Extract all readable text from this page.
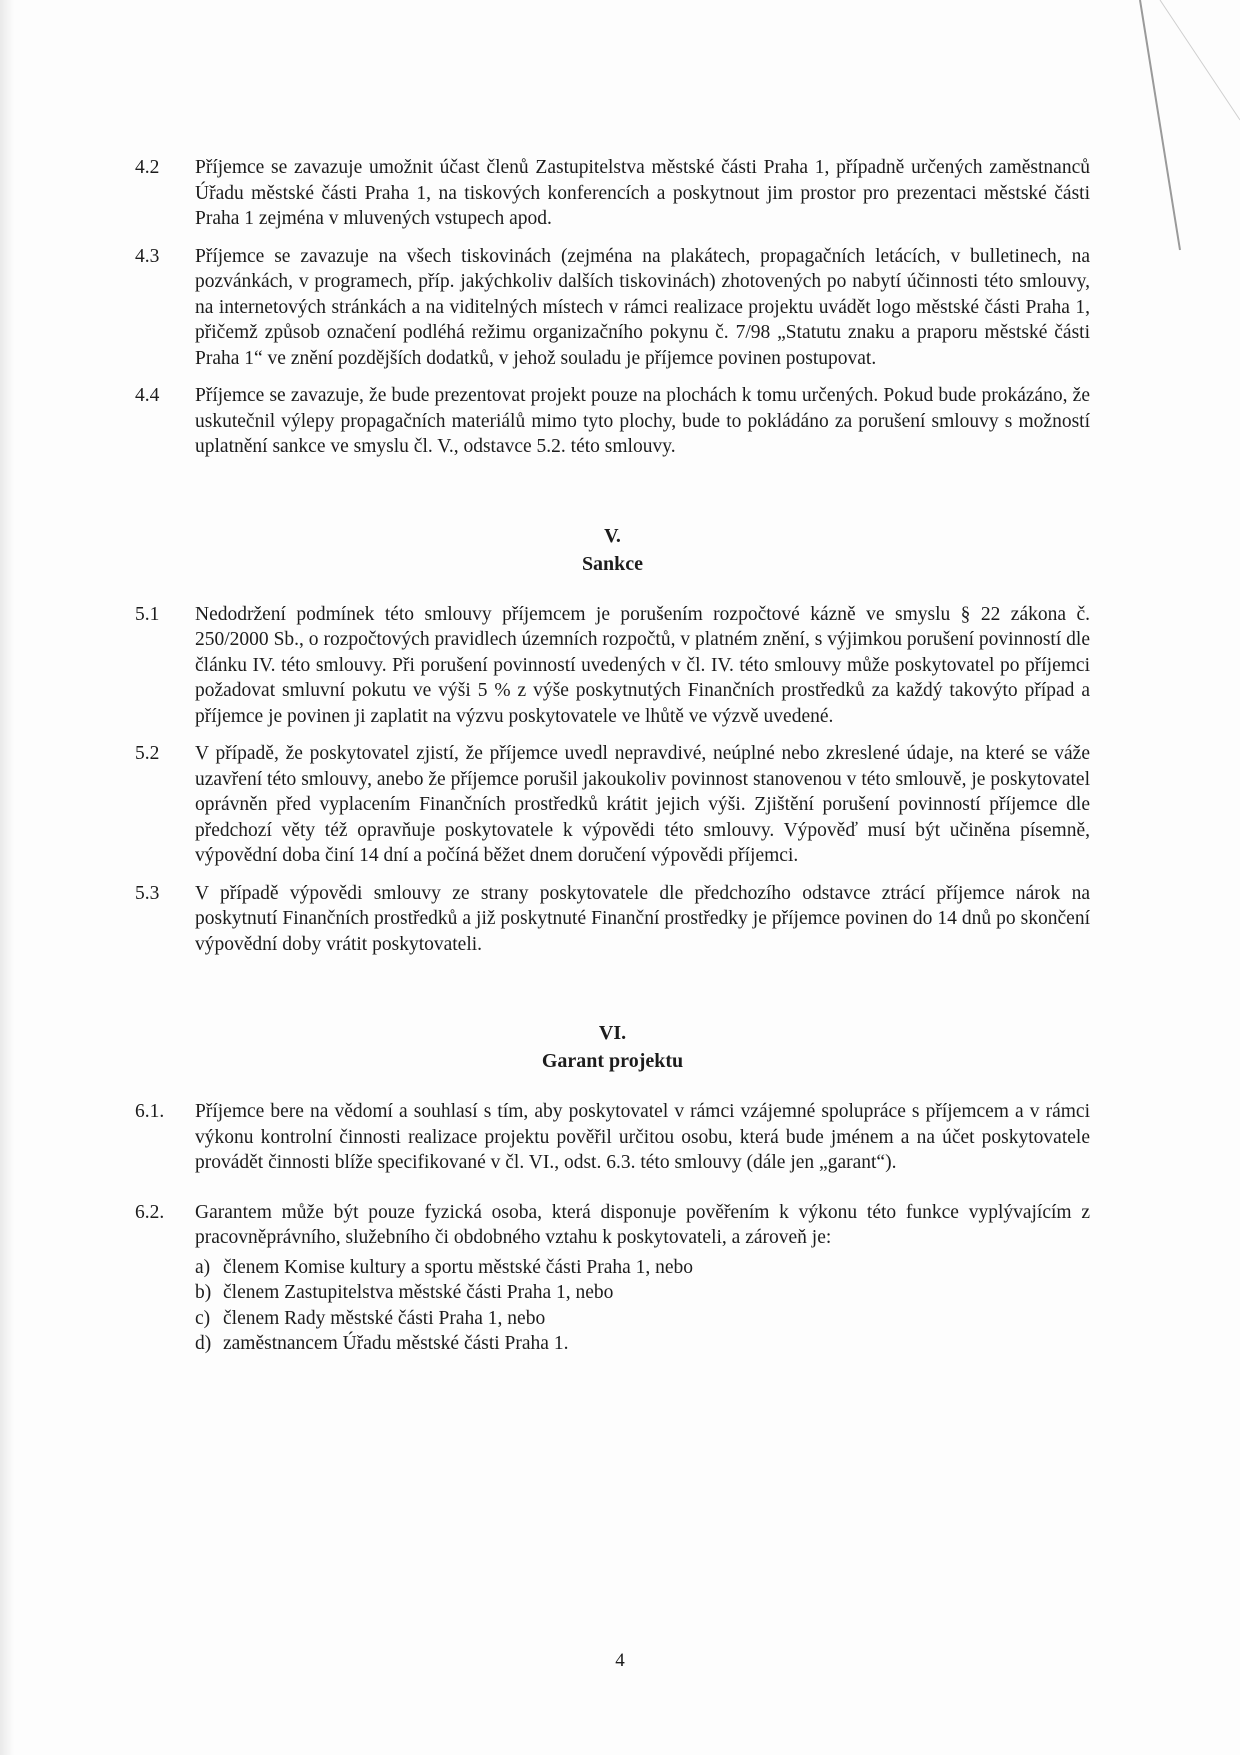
4.2	Příjemce se zavazuje umožnit účast členů Zastupitelstva městské části Praha 1, případně určených zaměstnanců Úřadu městské části Praha 1, na tiskových konferencích a poskytnout jim prostor pro prezentaci městské části Praha 1 zejména v mluvených vstupech apod.
4.3	Příjemce se zavazuje na všech tiskovinách (zejména na plakátech, propagačních letácích, v bulletinech, na pozvánkách, v programech, příp. jakýchkoliv dalších tiskovinách) zhotovených po nabytí účinnosti této smlouvy, na internetových stránkách a na viditelných místech v rámci realizace projektu uvádět logo městské části Praha 1, přičemž způsob označení podléhá režimu organizačního pokynu č. 7/98 „Statutu znaku a praporu městské části Praha 1“ ve znění pozdějších dodatků, v jehož souladu je příjemce povinen postupovat.
4.4	Příjemce se zavazuje, že bude prezentovat projekt pouze na plochách k tomu určených. Pokud bude prokázáno, že uskutečnil výlepy propagačních materiálů mimo tyto plochy, bude to pokládáno za porušení smlouvy s možností uplatnění sankce ve smyslu čl. V., odstavce 5.2. této smlouvy.
V.
Sankce
5.1	Nedodržení podmínek této smlouvy příjemcem je porušením rozpočtové kázně ve smyslu § 22 zákona č. 250/2000 Sb., o rozpočtových pravidlech územních rozpočtů, v platném znění, s výjimkou porušení povinností dle článku IV. této smlouvy. Při porušení povinností uvedených v čl. IV. této smlouvy může poskytovatel po příjemci požadovat smluvní pokutu ve výši 5 % z výše poskytnutých Finančních prostředků za každý takovýto případ a příjemce je povinen ji zaplatit na výzvu poskytovatele ve lhůtě ve výzvě uvedené.
5.2	V případě, že poskytovatel zjistí, že příjemce uvedl nepravdivé, neúplné nebo zkreslené údaje, na které se váže uzavření této smlouvy, anebo že příjemce porušil jakoukoliv povinnost stanovenou v této smlouvě, je poskytovatel oprávněn před vyplacením Finančních prostředků krátit jejich výši. Zjištění porušení povinností příjemce dle předchozí věty též opravňuje poskytovatele k výpovědi této smlouvy. Výpověď musí být učiněna písemně, výpovědní doba činí 14 dní a počíná běžet dnem doručení výpovědi příjemci.
5.3	V případě výpovědi smlouvy ze strany poskytovatele dle předchozího odstavce ztrácí příjemce nárok na poskytnutí Finančních prostředků a již poskytnuté Finanční prostředky je příjemce povinen do 14 dnů po skončení výpovědní doby vrátit poskytovateli.
VI.
Garant projektu
6.1.	Příjemce bere na vědomí a souhlasí s tím, aby poskytovatel v rámci vzájemné spolupráce s příjemcem a v rámci výkonu kontrolní činnosti realizace projektu pověřil určitou osobu, která bude jménem a na účet poskytovatele provádět činnosti blíže specifikované v čl. VI., odst. 6.3. této smlouvy (dále jen „garant“).
6.2.	Garantem může být pouze fyzická osoba, která disponuje pověřením k výkonu této funkce vyplývajícím z pracovněprávního, služebního či obdobného vztahu k poskytovateli, a zároveň je:
a) členem Komise kultury a sportu městské části Praha 1, nebo
b) členem Zastupitelstva městské části Praha 1, nebo
c) členem Rady městské části Praha 1, nebo
d) zaměstnancem Úřadu městské části Praha 1.
4
